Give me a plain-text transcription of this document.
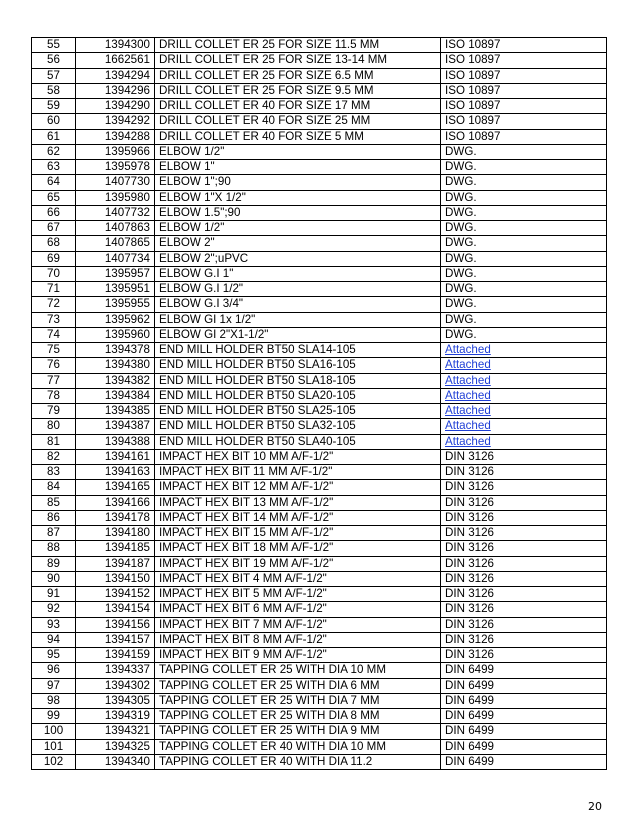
55	1394300	DRILL COLLET ER 25 FOR SIZE 11.5 MM	ISO 10897
56	1662561	DRILL COLLET ER 25 FOR SIZE 13-14 MM	ISO 10897
57	1394294	DRILL COLLET ER 25 FOR SIZE 6.5 MM	ISO 10897
58	1394296	DRILL COLLET ER 25 FOR SIZE 9.5 MM	ISO 10897
59	1394290	DRILL COLLET ER 40 FOR SIZE 17 MM	ISO 10897
60	1394292	DRILL COLLET ER 40 FOR SIZE 25 MM	ISO 10897
61	1394288	DRILL COLLET ER 40 FOR SIZE 5 MM	ISO 10897
62	1395966	ELBOW 1/2"	DWG.
63	1395978	ELBOW 1"	DWG.
64	1407730	ELBOW 1";90	DWG.
65	1395980	ELBOW 1"X 1/2"	DWG.
66	1407732	ELBOW 1.5";90	DWG.
67	1407863	ELBOW 1/2"	DWG.
68	1407865	ELBOW 2"	DWG.
69	1407734	ELBOW 2";uPVC	DWG.
70	1395957	ELBOW G.I 1"	DWG.
71	1395951	ELBOW G.I 1/2"	DWG.
72	1395955	ELBOW G.I 3/4"	DWG.
73	1395962	ELBOW GI 1x 1/2"	DWG.
74	1395960	ELBOW GI 2"X1-1/2"	DWG.
75	1394378	END MILL HOLDER BT50 SLA14-105	Attached
76	1394380	END MILL HOLDER BT50 SLA16-105	Attached
77	1394382	END MILL HOLDER BT50 SLA18-105	Attached
78	1394384	END MILL HOLDER BT50 SLA20-105	Attached
79	1394385	END MILL HOLDER BT50 SLA25-105	Attached
80	1394387	END MILL HOLDER BT50 SLA32-105	Attached
81	1394388	END MILL HOLDER BT50 SLA40-105	Attached
82	1394161	IMPACT HEX BIT 10 MM A/F-1/2"	DIN 3126
83	1394163	IMPACT HEX BIT 11 MM A/F-1/2"	DIN 3126
84	1394165	IMPACT HEX BIT 12 MM A/F-1/2"	DIN 3126
85	1394166	IMPACT HEX BIT 13 MM A/F-1/2"	DIN 3126
86	1394178	IMPACT HEX BIT 14 MM A/F-1/2"	DIN 3126
87	1394180	IMPACT HEX BIT 15 MM A/F-1/2"	DIN 3126
88	1394185	IMPACT HEX BIT 18 MM A/F-1/2"	DIN 3126
89	1394187	IMPACT HEX BIT 19 MM A/F-1/2"	DIN 3126
90	1394150	IMPACT HEX BIT 4 MM A/F-1/2"	DIN 3126
91	1394152	IMPACT HEX BIT 5 MM A/F-1/2"	DIN 3126
92	1394154	IMPACT HEX BIT 6 MM A/F-1/2"	DIN 3126
93	1394156	IMPACT HEX BIT 7 MM A/F-1/2"	DIN 3126
94	1394157	IMPACT HEX BIT 8 MM A/F-1/2"	DIN 3126
95	1394159	IMPACT HEX BIT 9 MM A/F-1/2"	DIN 3126
96	1394337	TAPPING COLLET ER 25 WITH DIA 10 MM	DIN 6499
97	1394302	TAPPING COLLET ER 25 WITH DIA 6 MM	DIN 6499
98	1394305	TAPPING COLLET ER 25 WITH DIA 7 MM	DIN 6499
99	1394319	TAPPING COLLET ER 25 WITH DIA 8 MM	DIN 6499
100	1394321	TAPPING COLLET ER 25 WITH DIA 9 MM	DIN 6499
101	1394325	TAPPING COLLET ER 40 WITH DIA 10 MM	DIN 6499
102	1394340	TAPPING COLLET ER 40 WITH DIA 11.2	DIN 6499
20
